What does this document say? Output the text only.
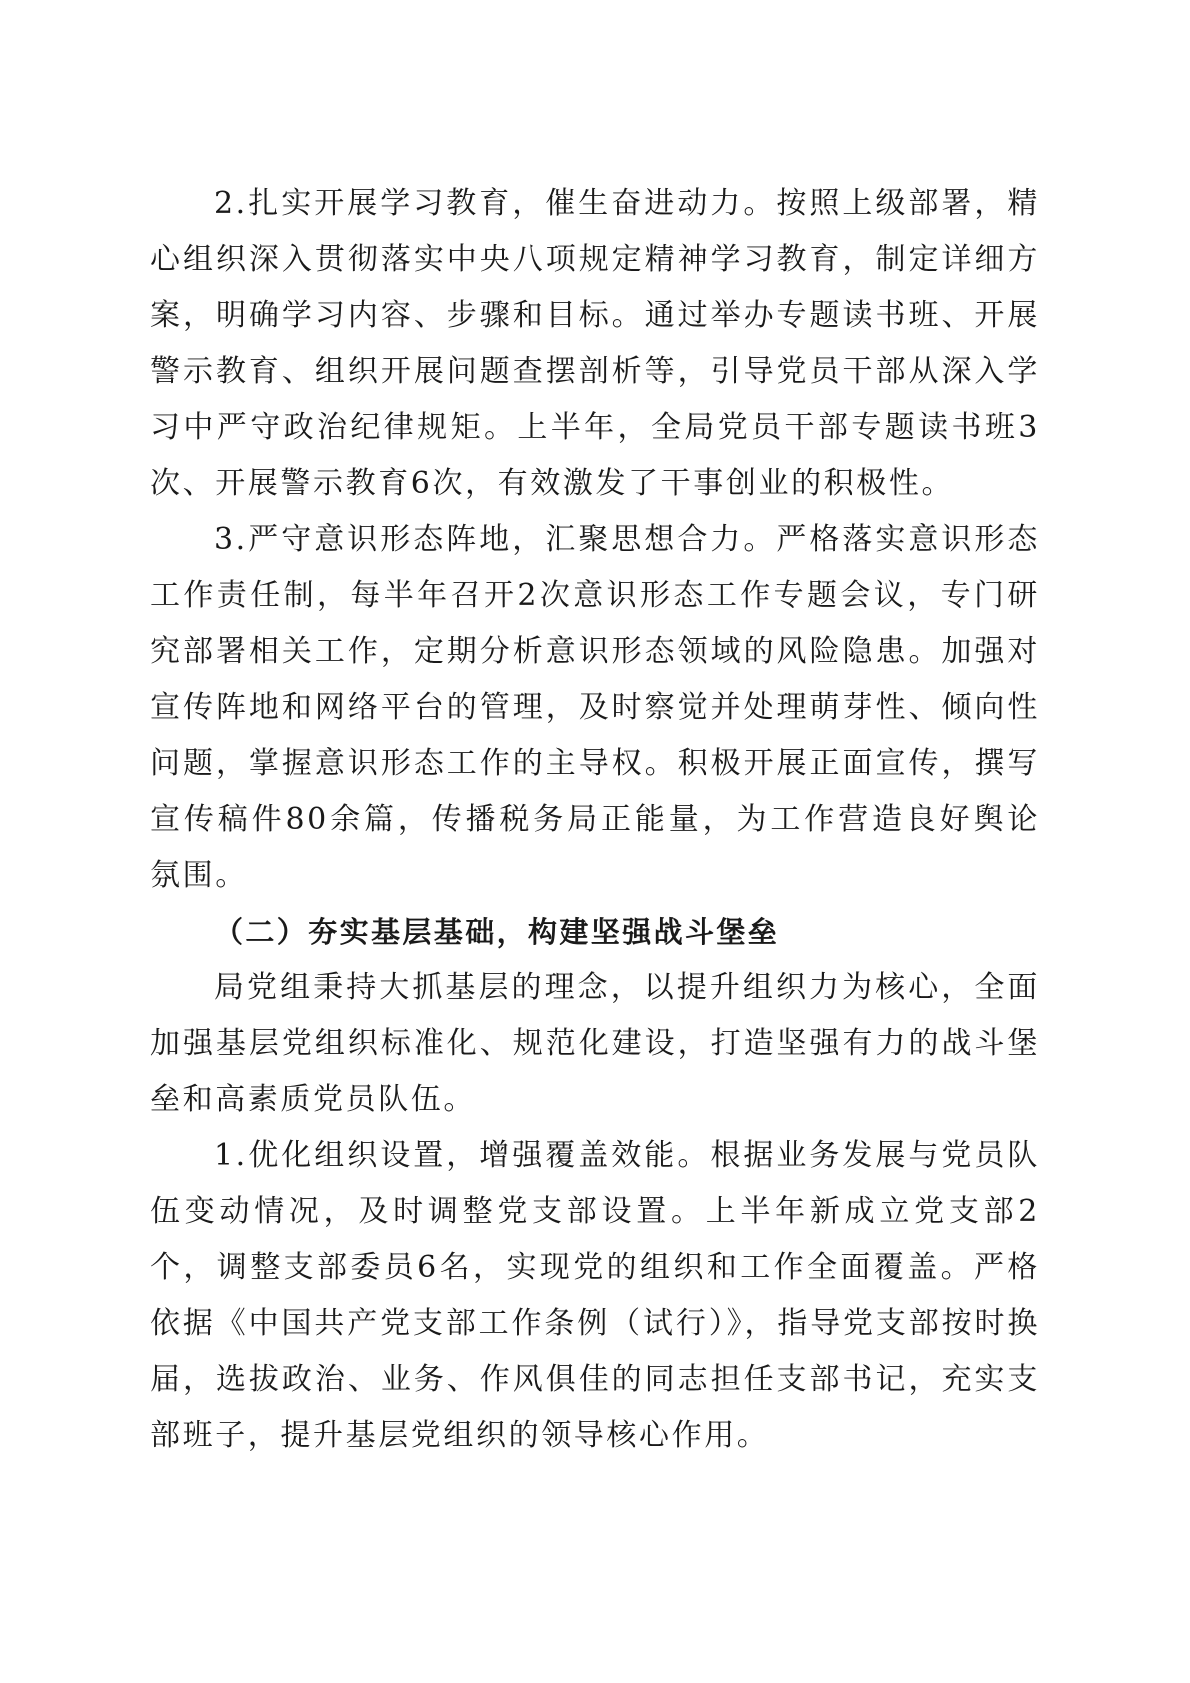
2.扎实开展学习教育，催生奋进动力。按照上级部署，精心组织深入贯彻落实中央八项规定精神学习教育，制定详细方案，明确学习内容、步骤和目标。通过举办专题读书班、开展警示教育、组织开展问题查摆剖析等，引导党员干部从深入学习中严守政治纪律规矩。上半年，全局党员干部专题读书班3次、开展警示教育6次，有效激发了干事创业的积极性。

3.严守意识形态阵地，汇聚思想合力。严格落实意识形态工作责任制，每半年召开2次意识形态工作专题会议，专门研究部署相关工作，定期分析意识形态领域的风险隐患。加强对宣传阵地和网络平台的管理，及时察觉并处理萌芽性、倾向性问题，掌握意识形态工作的主导权。积极开展正面宣传，撰写宣传稿件80余篇，传播税务局正能量，为工作营造良好舆论氛围。

（二）夯实基层基础，构建坚强战斗堡垒

局党组秉持大抓基层的理念，以提升组织力为核心，全面加强基层党组织标准化、规范化建设，打造坚强有力的战斗堡垒和高素质党员队伍。

1.优化组织设置，增强覆盖效能。根据业务发展与党员队伍变动情况，及时调整党支部设置。上半年新成立党支部2个，调整支部委员6名，实现党的组织和工作全面覆盖。严格依据《中国共产党支部工作条例（试行）》，指导党支部按时换届，选拔政治、业务、作风俱佳的同志担任支部书记，充实支部班子，提升基层党组织的领导核心作用。
